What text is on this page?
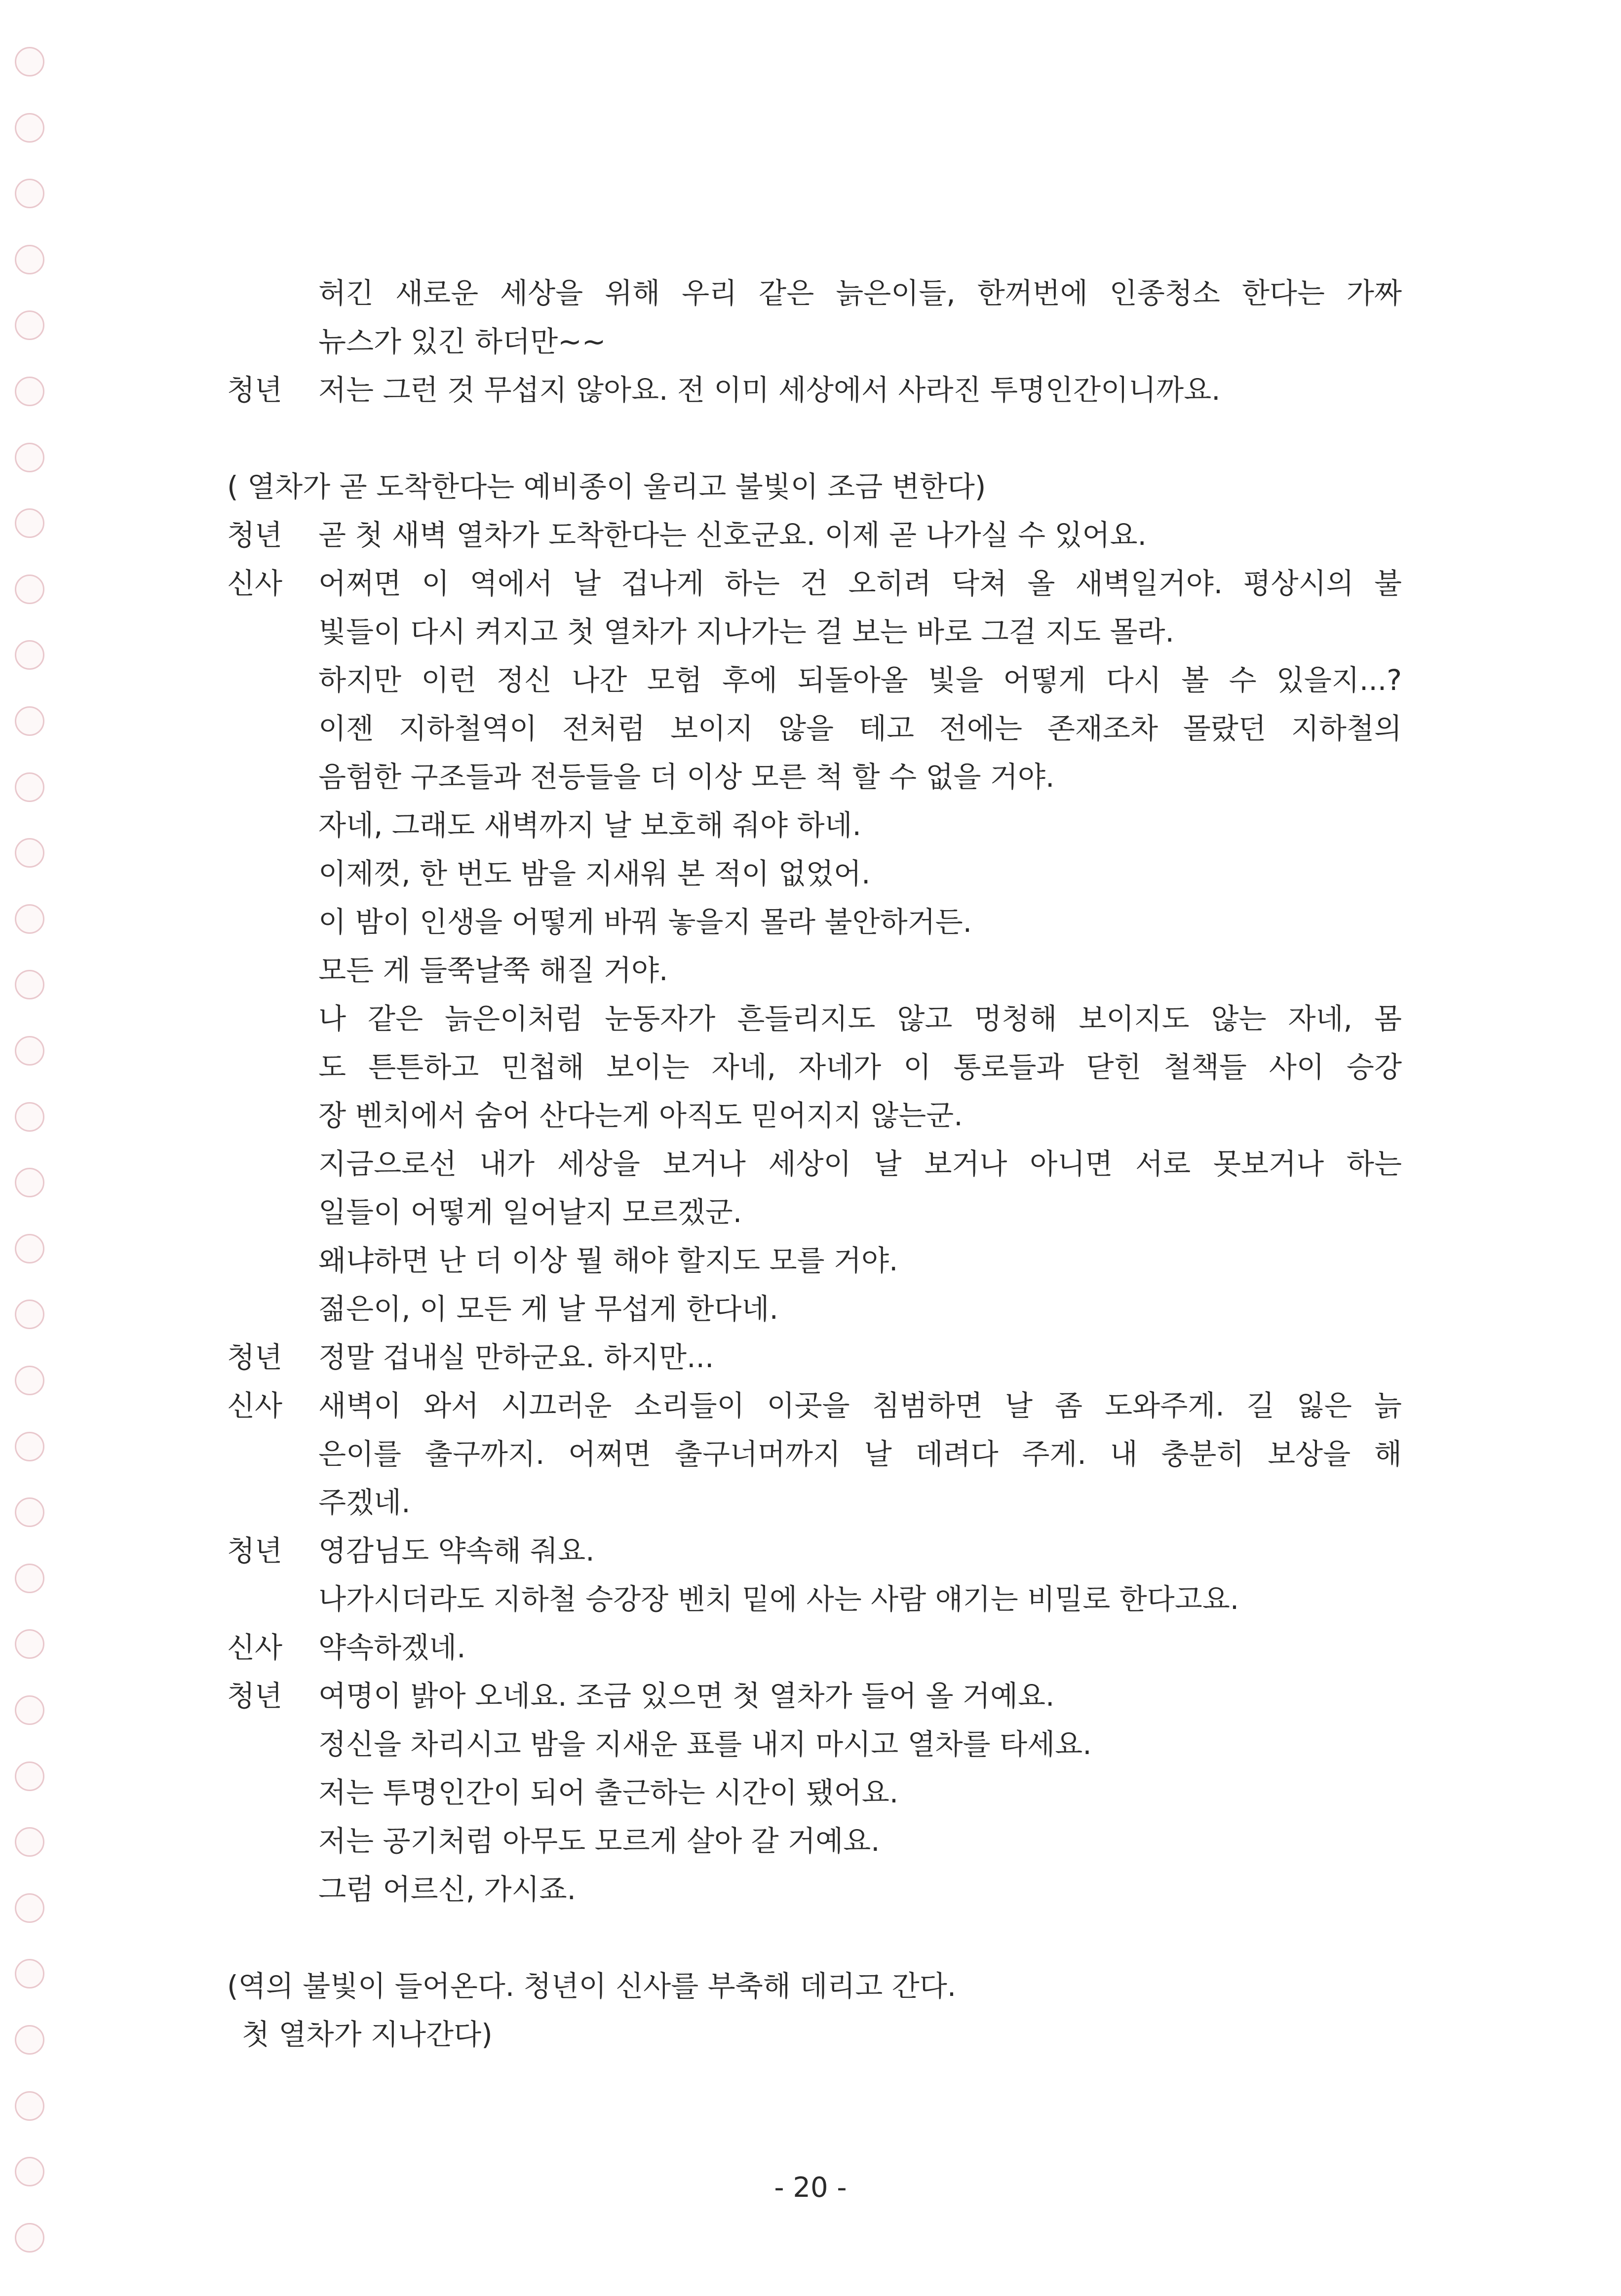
허긴 새로운 세상을 위해 우리 같은 늙은이들, 한꺼번에 인종청소 한다는 가짜
뉴스가 있긴 하더만~~
청년 저는 그런 것 무섭지 않아요. 전 이미 세상에서 사라진 투명인간이니까요.
( 열차가 곧 도착한다는 예비종이 울리고 불빛이 조금 변한다)
청년 곧 첫 새벽 열차가 도착한다는 신호군요. 이제 곧 나가실 수 있어요.
신사 어쩌면 이 역에서 날 겁나게 하는 건 오히려 닥쳐 올 새벽일거야. 평상시의 불
빛들이 다시 켜지고 첫 열차가 지나가는 걸 보는 바로 그걸 지도 몰라.
하지만 이런 정신 나간 모험 후에 되돌아올 빛을 어떻게 다시 볼 수 있을지...?
이젠 지하철역이 전처럼 보이지 않을 테고 전에는 존재조차 몰랐던 지하철의
음험한 구조들과 전등들을 더 이상 모른 척 할 수 없을 거야.
자네, 그래도 새벽까지 날 보호해 줘야 하네.
이제껏, 한 번도 밤을 지새워 본 적이 없었어.
이 밤이 인생을 어떻게 바꿔 놓을지 몰라 불안하거든.
모든 게 들쭉날쭉 해질 거야.
나 같은 늙은이처럼 눈동자가 흔들리지도 않고 멍청해 보이지도 않는 자네, 몸
도 튼튼하고 민첩해 보이는 자네, 자네가 이 통로들과 닫힌 철책들 사이 승강
장 벤치에서 숨어 산다는게 아직도 믿어지지 않는군.
지금으로선 내가 세상을 보거나 세상이 날 보거나 아니면 서로 못보거나 하는
일들이 어떻게 일어날지 모르겠군.
왜냐하면 난 더 이상 뭘 해야 할지도 모를 거야.
젊은이, 이 모든 게 날 무섭게 한다네.
청년 정말 겁내실 만하군요. 하지만...
신사 새벽이 와서 시끄러운 소리들이 이곳을 침범하면 날 좀 도와주게. 길 잃은 늙
은이를 출구까지. 어쩌면 출구너머까지 날 데려다 주게. 내 충분히 보상을 해
주겠네.
청년 영감님도 약속해 줘요.
나가시더라도 지하철 승강장 벤치 밑에 사는 사람 얘기는 비밀로 한다고요.
신사 약속하겠네.
청년 여명이 밝아 오네요. 조금 있으면 첫 열차가 들어 올 거예요.
정신을 차리시고 밤을 지새운 표를 내지 마시고 열차를 타세요.
저는 투명인간이 되어 출근하는 시간이 됐어요.
저는 공기처럼 아무도 모르게 살아 갈 거예요.
그럼 어르신, 가시죠.
(역의 불빛이 들어온다. 청년이 신사를 부축해 데리고 간다.
첫 열차가 지나간다)
- 20 -
